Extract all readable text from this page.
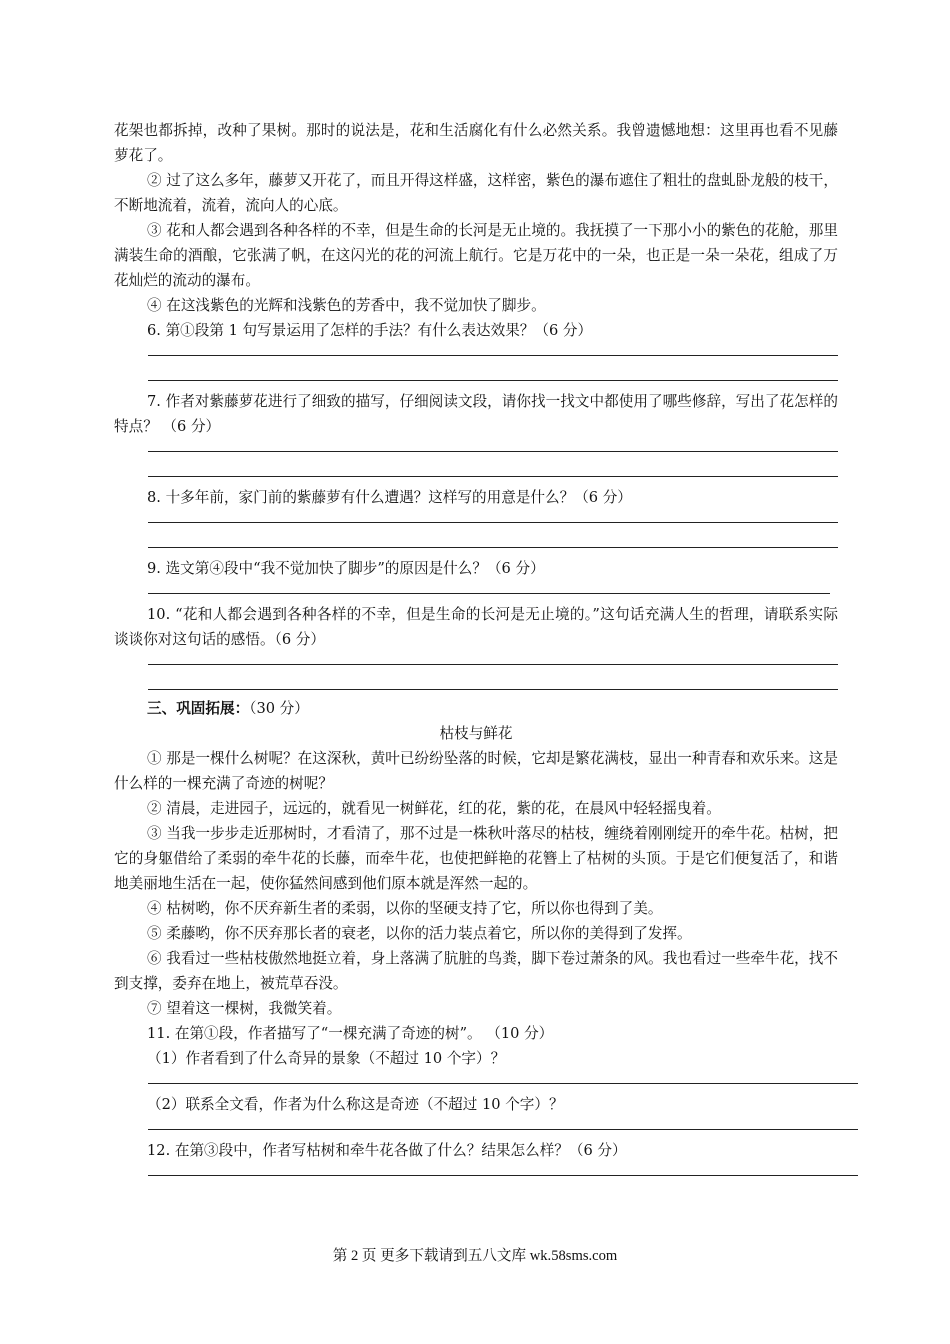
花架也都拆掉，改种了果树。那时的说法是，花和生活腐化有什么必然关系。我曾遗憾地想：这里再也看不见藤萝花了。

② 过了这么多年，藤萝又开花了，而且开得这样盛，这样密，紫色的瀑布遮住了粗壮的盘虬卧龙般的枝干，不断地流着，流着，流向人的心底。

③ 花和人都会遇到各种各样的不幸，但是生命的长河是无止境的。我抚摸了一下那小小的紫色的花舱，那里满装生命的酒酿，它张满了帆，在这闪光的花的河流上航行。它是万花中的一朵，也正是一朵一朵花，组成了万花灿烂的流动的瀑布。

④ 在这浅紫色的光辉和浅紫色的芳香中，我不觉加快了脚步。

6. 第①段第 1 句写景运用了怎样的手法？有什么表达效果？（6 分）

7. 作者对紫藤萝花进行了细致的描写，仔细阅读文段，请你找一找文中都使用了哪些修辞，写出了花怎样的特点？ （6 分）

8. 十多年前，家门前的紫藤萝有什么遭遇？这样写的用意是什么？（6 分）

9. 选文第④段中“我不觉加快了脚步”的原因是什么？（6 分）

10. “花和人都会遇到各种各样的不幸，但是生命的长河是无止境的。”这句话充满人生的哲理，请联系实际谈谈你对这句话的感悟。（6 分）

三、巩固拓展：（30 分）

枯枝与鲜花

① 那是一棵什么树呢？在这深秋，黄叶已纷纷坠落的时候，它却是繁花满枝，显出一种青春和欢乐来。这是什么样的一棵充满了奇迹的树呢？

② 清晨，走进园子，远远的，就看见一树鲜花，红的花，紫的花，在晨风中轻轻摇曳着。

③ 当我一步步走近那树时，才看清了，那不过是一株秋叶落尽的枯枝，缠绕着刚刚绽开的牵牛花。枯树，把它的身躯借给了柔弱的牵牛花的长藤，而牵牛花，也使把鲜艳的花簪上了枯树的头顶。于是它们便复活了，和谐地美丽地生活在一起，使你猛然间感到他们原本就是浑然一起的。

④ 枯树哟，你不厌弃新生者的柔弱，以你的坚硬支持了它，所以你也得到了美。

⑤ 柔藤哟，你不厌弃那长者的衰老，以你的活力装点着它，所以你的美得到了发挥。

⑥ 我看过一些枯枝傲然地挺立着，身上落满了肮脏的鸟粪，脚下卷过萧条的风。我也看过一些牵牛花，找不到支撑，委弃在地上，被荒草吞没。

⑦ 望着这一棵树，我微笑着。

11. 在第①段，作者描写了“一棵充满了奇迹的树”。 （10 分）

（1）作者看到了什么奇异的景象（不超过 10 个字）？

（2）联系全文看，作者为什么称这是奇迹（不超过 10 个字）？

12. 在第③段中，作者写枯树和牵牛花各做了什么？结果怎么样？（6 分）

第 2 页 更多下载请到五八文库 wk.58sms.com
